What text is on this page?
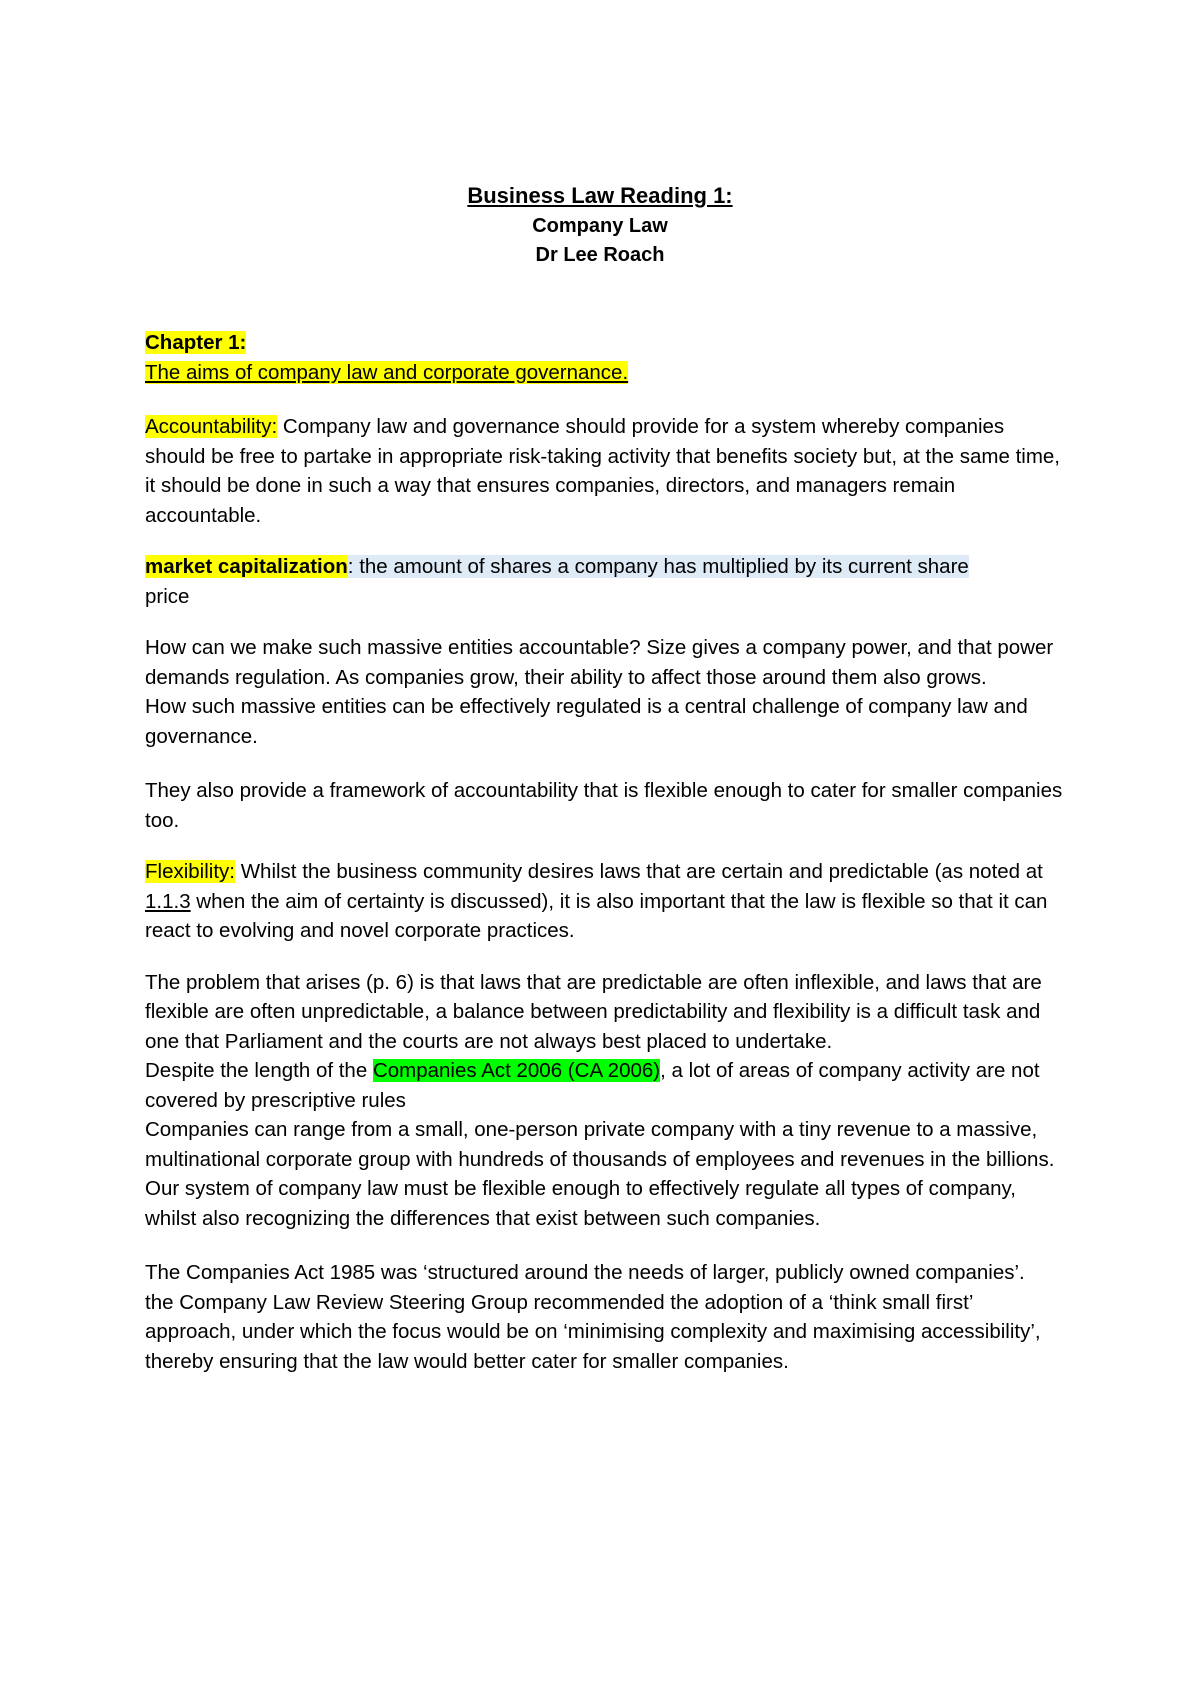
Business Law Reading 1:
Company Law
Dr Lee Roach

Chapter 1:

The aims of company law and corporate governance.

Accountability: Company law and governance should provide for a system whereby companies should be free to partake in appropriate risk-taking activity that benefits society but, at the same time, it should be done in such a way that ensures companies, directors, and managers remain accountable.

market capitalization: the amount of shares a company has multiplied by its current share
price

How can we make such massive entities accountable? Size gives a company power, and that power demands regulation. As companies grow, their ability to affect those around them also grows.
How such massive entities can be effectively regulated is a central challenge of company law and governance.

They also provide a framework of accountability that is flexible enough to cater for smaller companies too.

Flexibility: Whilst the business community desires laws that are certain and predictable (as noted at 1.1.3 when the aim of certainty is discussed), it is also important that the law is flexible so that it can react to evolving and novel corporate practices.

The problem that arises (p. 6) is that laws that are predictable are often inflexible, and laws that are flexible are often unpredictable, a balance between predictability and flexibility is a difficult task and one that Parliament and the courts are not always best placed to undertake.
Despite the length of the Companies Act 2006 (CA 2006), a lot of areas of company activity are not covered by prescriptive rules
Companies can range from a small, one-person private company with a tiny revenue to a massive, multinational corporate group with hundreds of thousands of employees and revenues in the billions.
Our system of company law must be flexible enough to effectively regulate all types of company, whilst also recognizing the differences that exist between such companies.

The Companies Act 1985 was ‘structured around the needs of larger, publicly owned companies’.
the Company Law Review Steering Group recommended the adoption of a ‘think small first’ approach, under which the focus would be on ‘minimising complexity and maximising accessibility’, thereby ensuring that the law would better cater for smaller companies.
